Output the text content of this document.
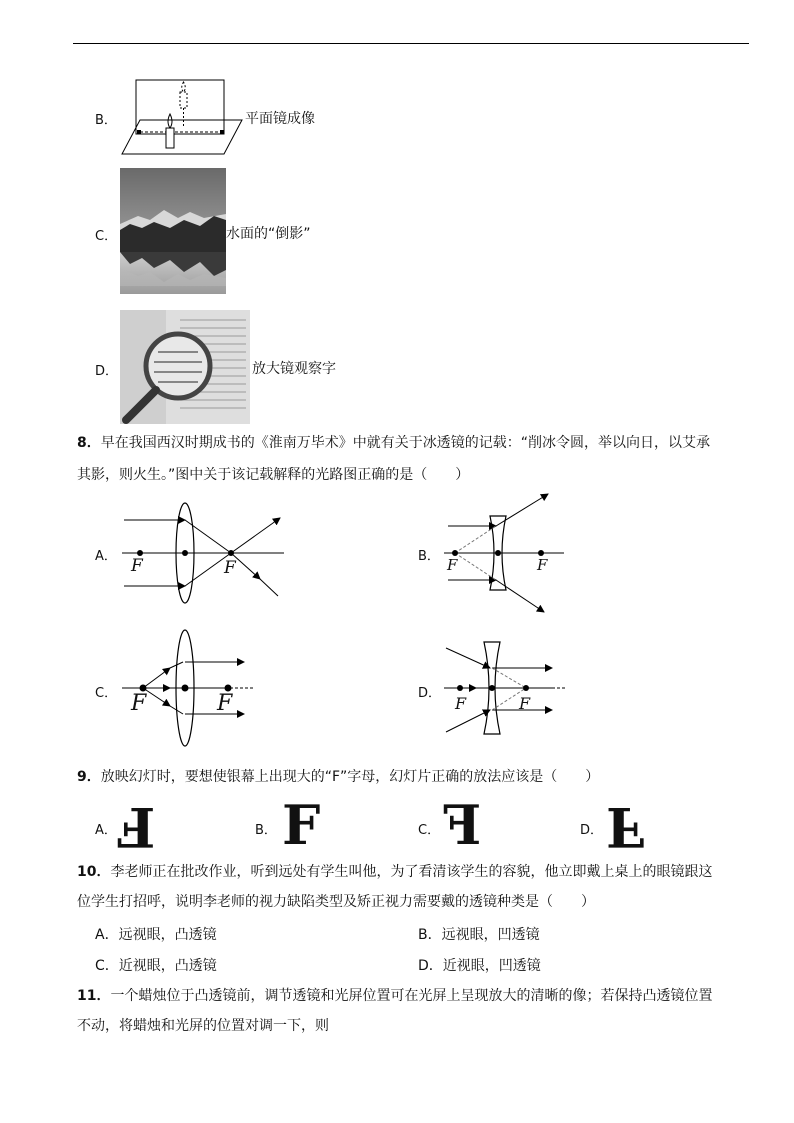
B．	平面镜成像
C．	水面的“倒影”
D．	放大镜观察字
8．早在我国西汉时期成书的《淮南万毕术》中就有关于冰透镜的记载：“削冰令圆，举以向日，以艾承
其影，则火生。”图中关于该记载解释的光路图正确的是（　　）
A． F	F
B． F	F
C． F	F	D．
F	F
9．放映幻灯时，要想使银幕上出现大的“F”字母，幻灯片正确的放法应该是（　　）
A． F	B． F	C． F	D． F
10．李老师正在批改作业，听到远处有学生叫他，为了看清该学生的容貌，他立即戴上桌上的眼镜跟这
位学生打招呼，说明李老师的视力缺陷类型及矫正视力需要戴的透镜种类是（　　）
A．远视眼，凸透镜	B．远视眼，凹透镜
C．近视眼，凸透镜	D．近视眼，凹透镜
11．一个蜡烛位于凸透镜前，调节透镜和光屏位置可在光屏上呈现放大的清晰的像；若保持凸透镜位置
不动，将蜡烛和光屏的位置对调一下，则
